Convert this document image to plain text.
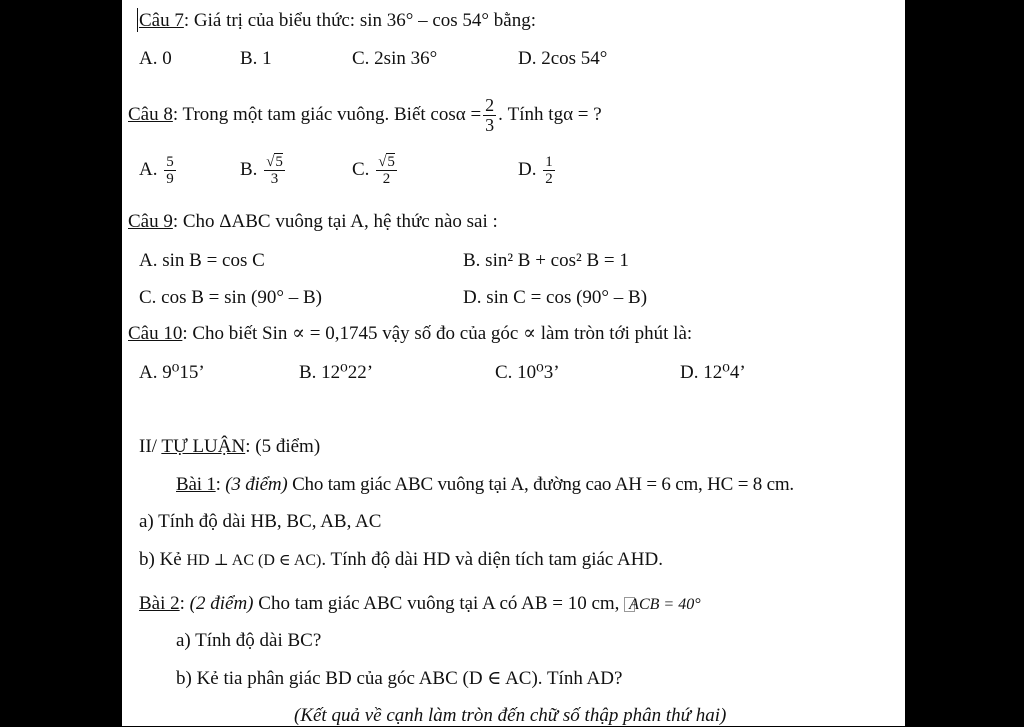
Câu 7: Giá trị của biểu thức: sin 36° – cos 54° bằng:
A. 0	B. 1	C. 2sin 36°	D. 2cos 54°
Câu 8: Trong một tam giác vuông. Biết $\cos\alpha = \frac{2}{3}$ . Tính tgα = ?
A. $\frac{5}{9}$	B. $\frac{√5}{3}$	C. $\frac{√5}{2}$	D. $\frac{1}{2}$
Câu 9: Cho ΔABC vuông tại A, hệ thức nào sai :
A. sin B = cos C	B. sin² B + cos² B = 1
C. cos B = sin (90° – B)	D. sin C = cos (90° – B)
Câu 10: Cho biết Sin ∝ = 0,1745 vậy số đo của góc ∝ làm tròn tới phút là:
A. 9⁰15’	B. 12⁰22’	C. 10⁰3’	D. 12⁰4’
II/ TỰ LUẬN: (5 điểm)
Bài 1: (3 điểm) Cho tam giác ABC vuông tại A, đường cao AH = 6 cm, HC = 8 cm.
a) Tính độ dài HB, BC, AB, AC
b) Kẻ HD ⊥ AC (D ∈ AC). Tính độ dài HD và diện tích tam giác AHD.
Bài 2: (2 điểm) Cho tam giác ABC vuông tại A có AB = 10 cm, ACB = 40°
a) Tính độ dài BC?
b) Kẻ tia phân giác BD của góc ABC (D ∈ AC). Tính AD?
(Kết quả về cạnh làm tròn đến chữ số thập phân thứ hai)
